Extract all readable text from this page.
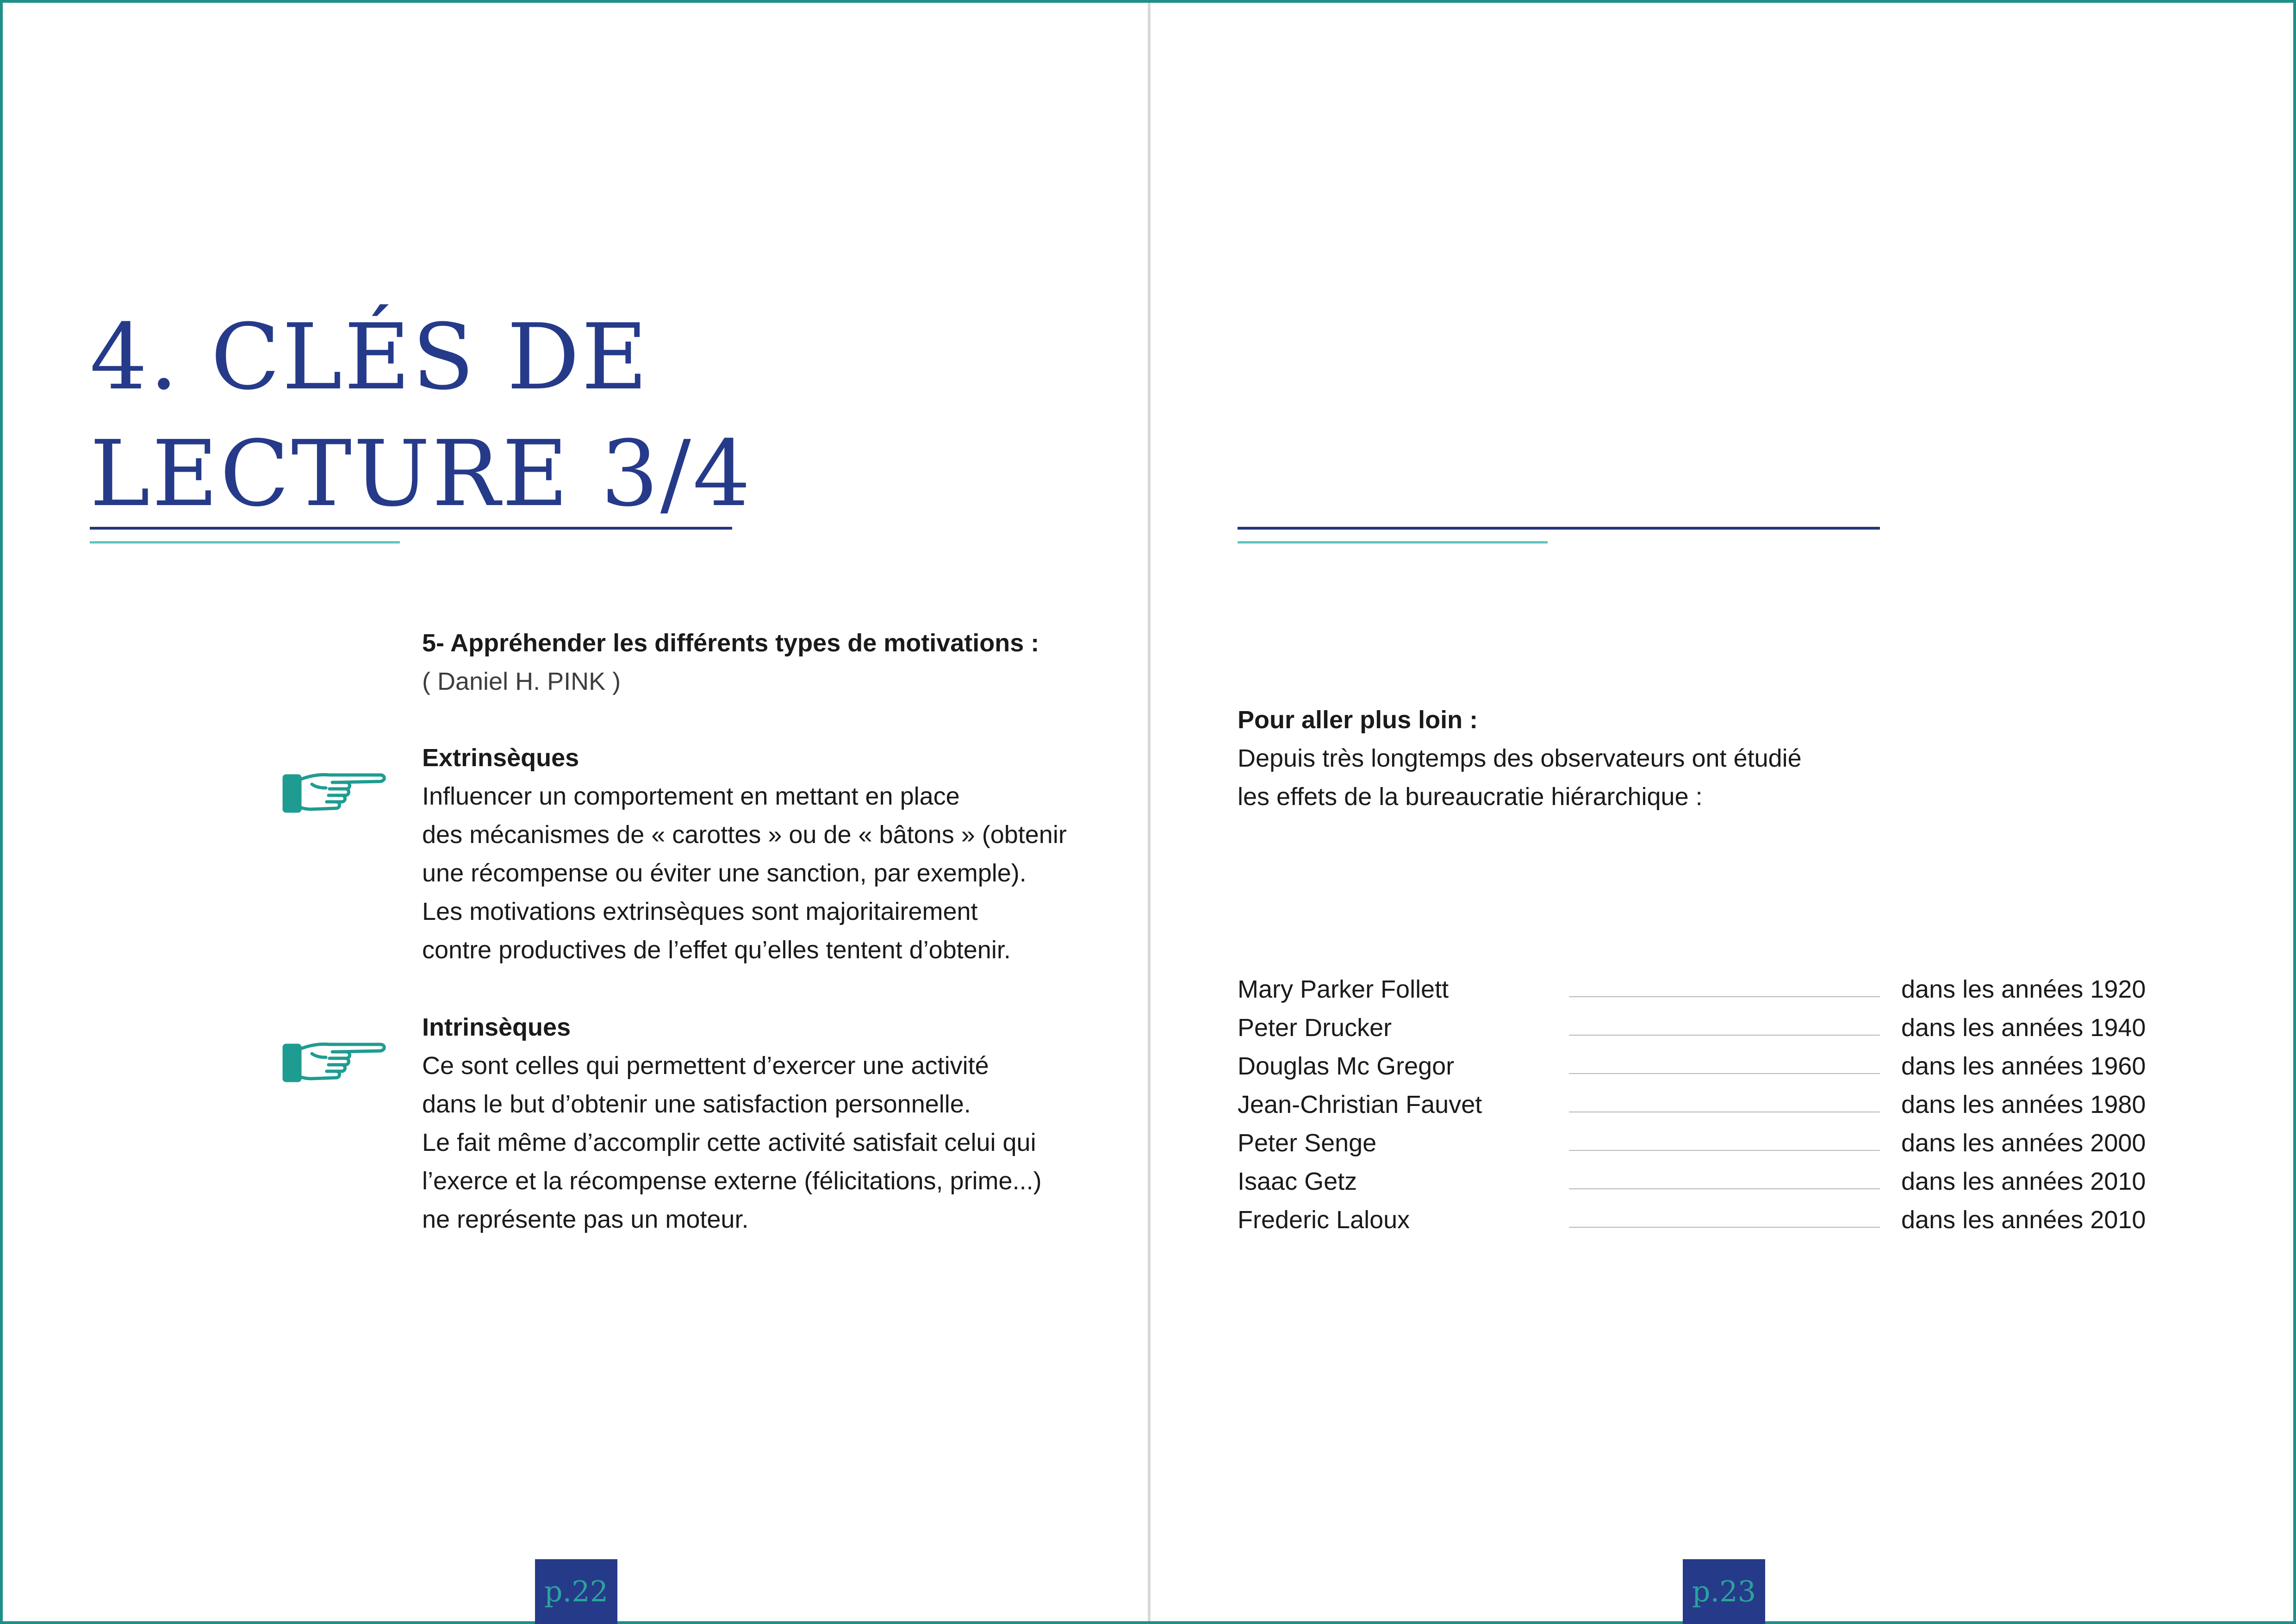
4. CLÉS DE
LECTURE 3/4

5- Appréhender les différents types de motivations :

( Daniel H. PINK )

Extrinsèques

Influencer un comportement en mettant en place

des mécanismes de « carottes » ou de « bâtons » (obtenir

une récompense ou éviter une sanction, par exemple).

Les motivations extrinsèques sont majoritairement

contre productives de l’effet qu’elles tentent d’obtenir.

Intrinsèques

Ce sont celles qui permettent d’exercer une activité

dans le but d’obtenir une satisfaction personnelle.

Le fait même d’accomplir cette activité satisfait celui qui

l’exerce et la récompense externe (félicitations, prime...)

ne représente pas un moteur.

p.22

Pour aller plus loin :

Depuis très longtemps des observateurs ont étudié

les effets de la bureaucratie hiérarchique :

Mary Parker Follett	dans les années 1920
Peter Drucker	dans les années 1940
Douglas Mc Gregor	dans les années 1960
Jean-Christian Fauvet	dans les années 1980
Peter Senge	dans les années 2000
Isaac Getz	dans les années 2010
Frederic Laloux	dans les années 2010
p.23
